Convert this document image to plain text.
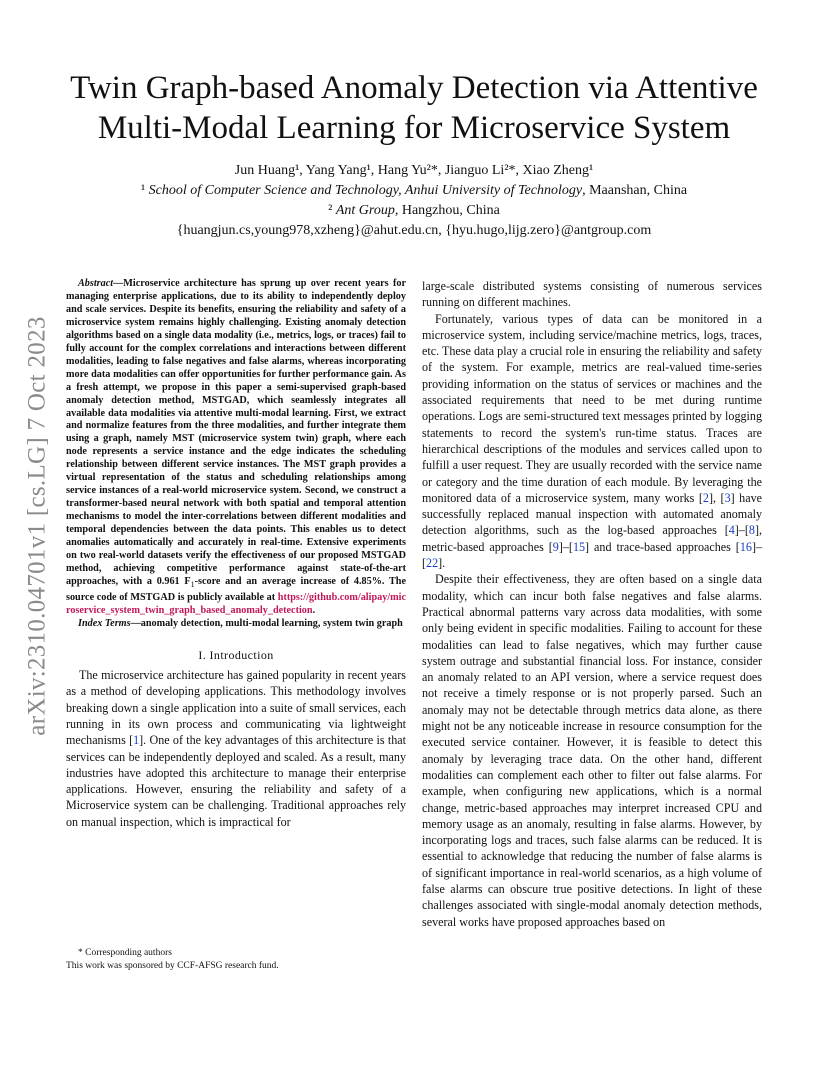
arXiv:2310.04701v1 [cs.LG] 7 Oct 2023
Twin Graph-based Anomaly Detection via Attentive
Multi-Modal Learning for Microservice System
Jun Huang¹, Yang Yang¹, Hang Yu²*, Jianguo Li²*, Xiao Zheng¹
¹ School of Computer Science and Technology, Anhui University of Technology, Maanshan, China
² Ant Group, Hangzhou, China
{huangjun.cs,young978,xzheng}@ahut.edu.cn, {hyu.hugo,lijg.zero}@antgroup.com

Abstract—Microservice architecture has sprung up over recent years for managing enterprise applications, due to its ability to independently deploy and scale services. Despite its benefits, ensuring the reliability and safety of a microservice system remains highly challenging. Existing anomaly detection algorithms based on a single data modality (i.e., metrics, logs, or traces) fail to fully account for the complex correlations and interactions between different modalities, leading to false negatives and false alarms, whereas incorporating more data modalities can offer opportunities for further performance gain. As a fresh attempt, we propose in this paper a semi-supervised graph-based anomaly detection method, MSTGAD, which seamlessly integrates all available data modalities via attentive multi-modal learning. First, we extract and normalize features from the three modalities, and further integrate them using a graph, namely MST (microservice system twin) graph, where each node represents a service instance and the edge indicates the scheduling relationship between different service instances. The MST graph provides a virtual representation of the status and scheduling relationships among service instances of a real-world microservice system. Second, we construct a transformer-based neural network with both spatial and temporal attention mechanisms to model the inter-correlations between different modalities and temporal dependencies between the data points. This enables us to detect anomalies automatically and accurately in real-time. Extensive experiments on two real-world datasets verify the effectiveness of our proposed MSTGAD method, achieving competitive performance against state-of-the-art approaches, with a 0.961 $F_1$-score and an average increase of 4.85%. The source code of MSTGAD is publicly available at https://github.com/alipay/microservice_system_twin_graph_based_anomaly_detection.

Index Terms—anomaly detection, multi-modal learning, system twin graph

I. Introduction

The microservice architecture has gained popularity in recent years as a method of developing applications. This methodology involves breaking down a single application into a suite of small services, each running in its own process and communicating via lightweight mechanisms [1]. One of the key advantages of this architecture is that services can be independently deployed and scaled. As a result, many industries have adopted this architecture to manage their enterprise applications. However, ensuring the reliability and safety of a Microservice system can be challenging. Traditional approaches rely on manual inspection, which is impractical for

* Corresponding authors
This work was sponsored by CCF-AFSG research fund.

large-scale distributed systems consisting of numerous services running on different machines.

Fortunately, various types of data can be monitored in a microservice system, including service/machine metrics, logs, traces, etc. These data play a crucial role in ensuring the reliability and safety of the system. For example, metrics are real-valued time-series providing information on the status of services or machines and the associated requirements that need to be met during runtime operations. Logs are semi-structured text messages printed by logging statements to record the system's run-time status. Traces are hierarchical descriptions of the modules and services called upon to fulfill a user request. They are usually recorded with the service name or category and the time duration of each module. By leveraging the monitored data of a microservice system, many works [2], [3] have successfully replaced manual inspection with automated anomaly detection algorithms, such as the log-based approaches [4]–[8], metric-based approaches [9]–[15] and trace-based approaches [16]–[22].

Despite their effectiveness, they are often based on a single data modality, which can incur both false negatives and false alarms. Practical abnormal patterns vary across data modalities, with some only being evident in specific modalities. Failing to account for these modalities can lead to false negatives, which may further cause system outrage and substantial financial loss. For instance, consider an anomaly related to an API version, where a service request does not receive a timely response or is not properly parsed. Such an anomaly may not be detectable through metrics data alone, as there might not be any noticeable increase in resource consumption for the executed service container. However, it is feasible to detect this anomaly by leveraging trace data. On the other hand, different modalities can complement each other to filter out false alarms. For example, when configuring new applications, which is a normal change, metric-based approaches may interpret increased CPU and memory usage as an anomaly, resulting in false alarms. However, by incorporating logs and traces, such false alarms can be reduced. It is essential to acknowledge that reducing the number of false alarms is of significant importance in real-world scenarios, as a high volume of false alarms can obscure true positive detections. In light of these challenges associated with single-modal anomaly detection methods, several works have proposed approaches based on
